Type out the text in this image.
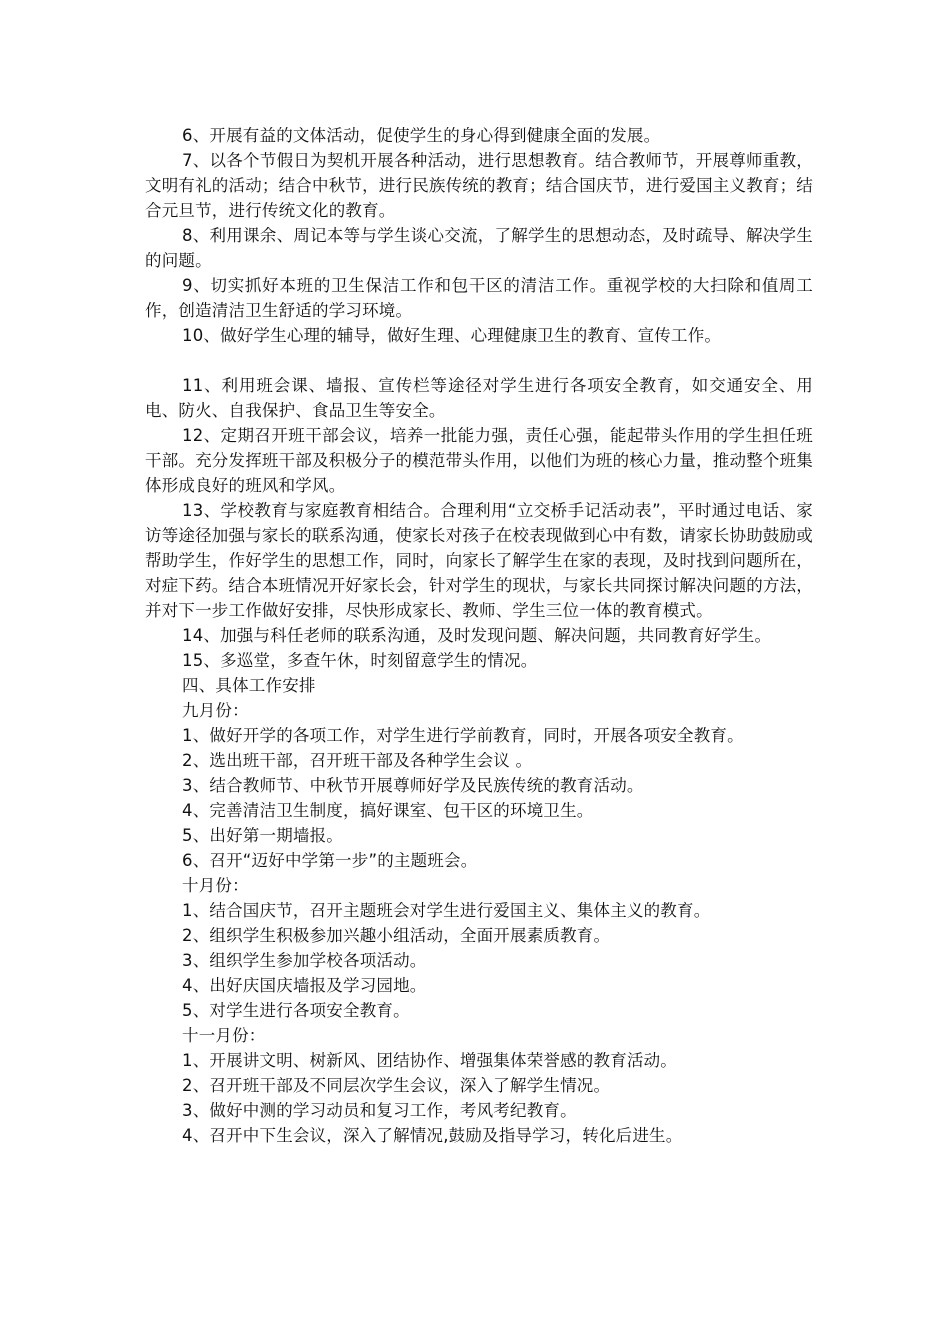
6、开展有益的文体活动，促使学生的身心得到健康全面的发展。

7、以各个节假日为契机开展各种活动，进行思想教育。结合教师节，开展尊师重教，文明有礼的活动；结合中秋节，进行民族传统的教育；结合国庆节，进行爱国主义教育；结合元旦节，进行传统文化的教育。

8、利用课余、周记本等与学生谈心交流，了解学生的思想动态，及时疏导、解决学生的问题。

9、切实抓好本班的卫生保洁工作和包干区的清洁工作。重视学校的大扫除和值周工作，创造清洁卫生舒适的学习环境。

10、做好学生心理的辅导，做好生理、心理健康卫生的教育、宣传工作。

11、利用班会课、墙报、宣传栏等途径对学生进行各项安全教育，如交通安全、用电、防火、自我保护、食品卫生等安全。

12、定期召开班干部会议，培养一批能力强，责任心强，能起带头作用的学生担任班干部。充分发挥班干部及积极分子的模范带头作用，以他们为班的核心力量，推动整个班集体形成良好的班风和学风。

13、学校教育与家庭教育相结合。合理利用“立交桥手记活动表”，平时通过电话、家访等途径加强与家长的联系沟通，使家长对孩子在校表现做到心中有数，请家长协助鼓励或帮助学生，作好学生的思想工作，同时，向家长了解学生在家的表现，及时找到问题所在，对症下药。结合本班情况开好家长会，针对学生的现状，与家长共同探讨解决问题的方法，并对下一步工作做好安排，尽快形成家长、教师、学生三位一体的教育模式。

14、加强与科任老师的联系沟通，及时发现问题、解决问题，共同教育好学生。

15、多巡堂，多查午休，时刻留意学生的情况。

四、具体工作安排

九月份：

1、做好开学的各项工作，对学生进行学前教育，同时，开展各项安全教育。

2、选出班干部，召开班干部及各种学生会议 。

3、结合教师节、中秋节开展尊师好学及民族传统的教育活动。

4、完善清洁卫生制度，搞好课室、包干区的环境卫生。

5、出好第一期墙报。

6、召开“迈好中学第一步”的主题班会。

十月份：

1、结合国庆节，召开主题班会对学生进行爱国主义、集体主义的教育。

2、组织学生积极参加兴趣小组活动，全面开展素质教育。

3、组织学生参加学校各项活动。

4、出好庆国庆墙报及学习园地。

5、对学生进行各项安全教育。

十一月份：

1、开展讲文明、树新风、团结协作、增强集体荣誉感的教育活动。

2、召开班干部及不同层次学生会议，深入了解学生情况。

3、做好中测的学习动员和复习工作，考风考纪教育。

4、召开中下生会议，深入了解情况,鼓励及指导学习，转化后进生。
